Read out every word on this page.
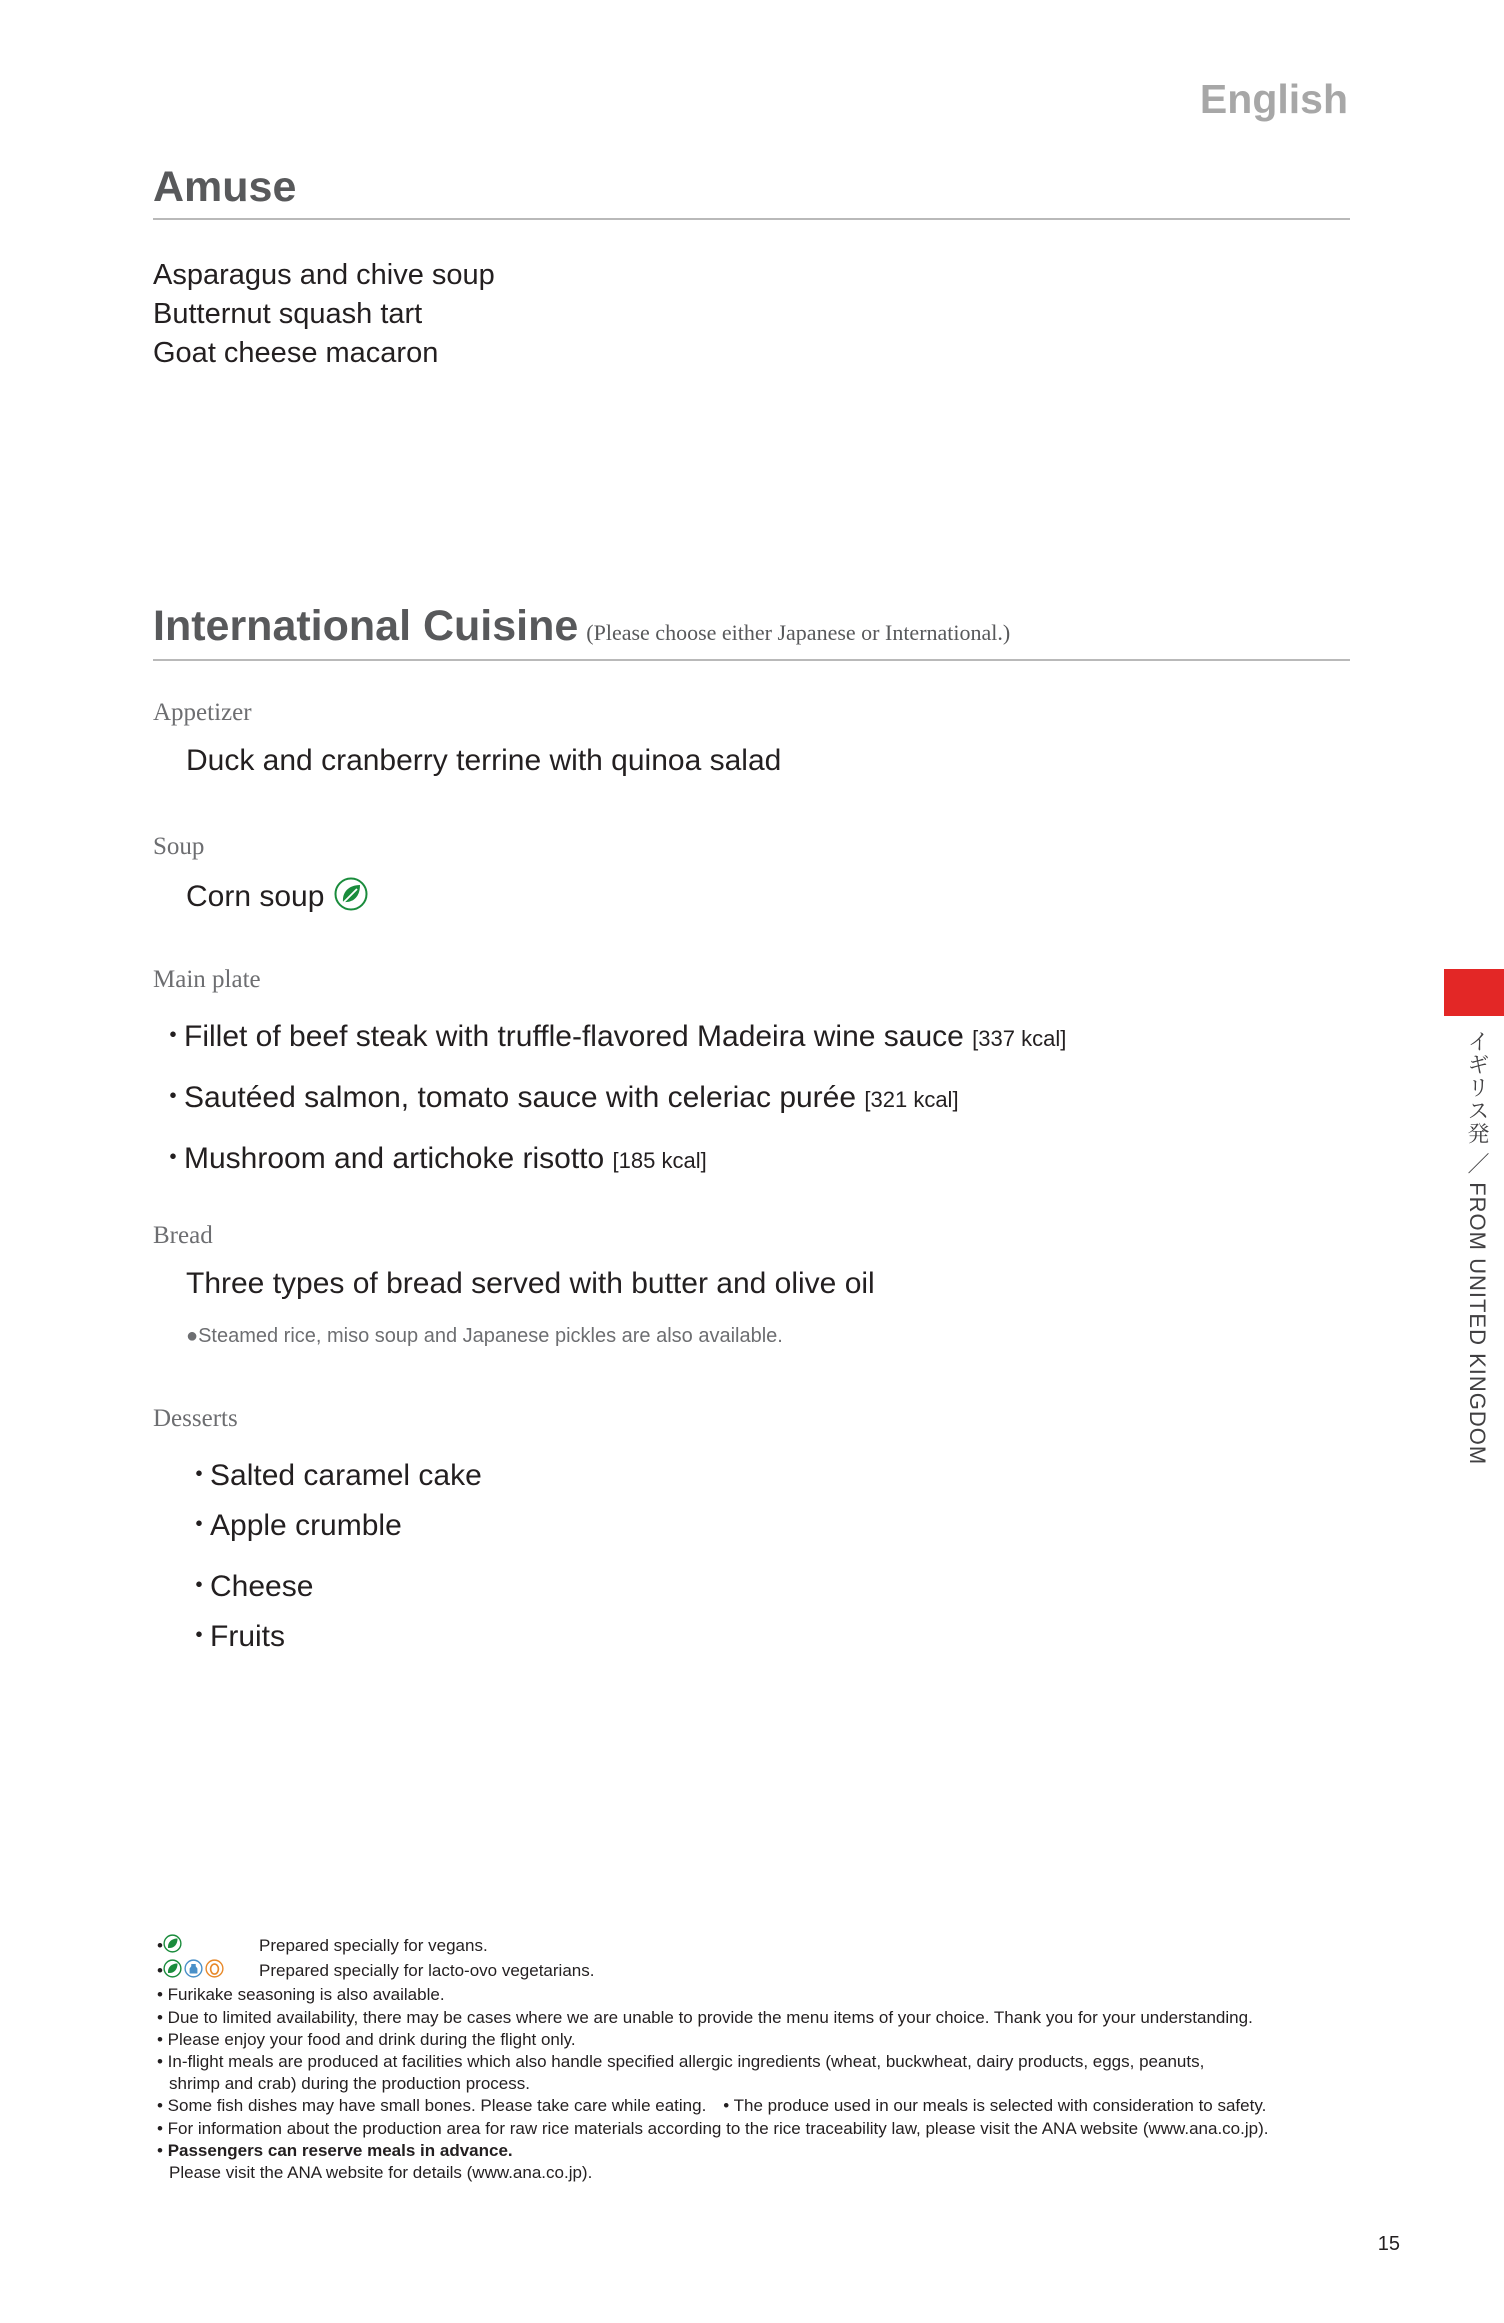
English
Amuse
Asparagus and chive soup
Butternut squash tart
Goat cheese macaron
International Cuisine (Please choose either Japanese or International.)
Appetizer
Duck and cranberry terrine with quinoa salad
Soup
Corn soup
Main plate
・Fillet of beef steak with truffle-flavored Madeira wine sauce [337 kcal]
・Sautéed salmon, tomato sauce with celeriac purée [321 kcal]
・Mushroom and artichoke risotto [185 kcal]
Bread
Three types of bread served with butter and olive oil
●Steamed rice, miso soup and Japanese pickles are also available.
Desserts
・Salted caramel cake
・Apple crumble
・Cheese
・Fruits
イギリス発 ／ FROM UNITED KINGDOM
•	Prepared specially for vegans.
•	Prepared specially for lacto-ovo vegetarians.
• Furikake seasoning is also available.
• Due to limited availability, there may be cases where we are unable to provide the menu items of your choice. Thank you for your understanding.
• Please enjoy your food and drink during the flight only.
• In-flight meals are produced at facilities which also handle specified allergic ingredients (wheat, buckwheat, dairy products, eggs, peanuts,
shrimp and crab) during the production process.
• Some fish dishes may have small bones. Please take care while eating.　• The produce used in our meals is selected with consideration to safety.
• For information about the production area for raw rice materials according to the rice traceability law, please visit the ANA website (www.ana.co.jp).
• Passengers can reserve meals in advance.
Please visit the ANA website for details (www.ana.co.jp).
15
